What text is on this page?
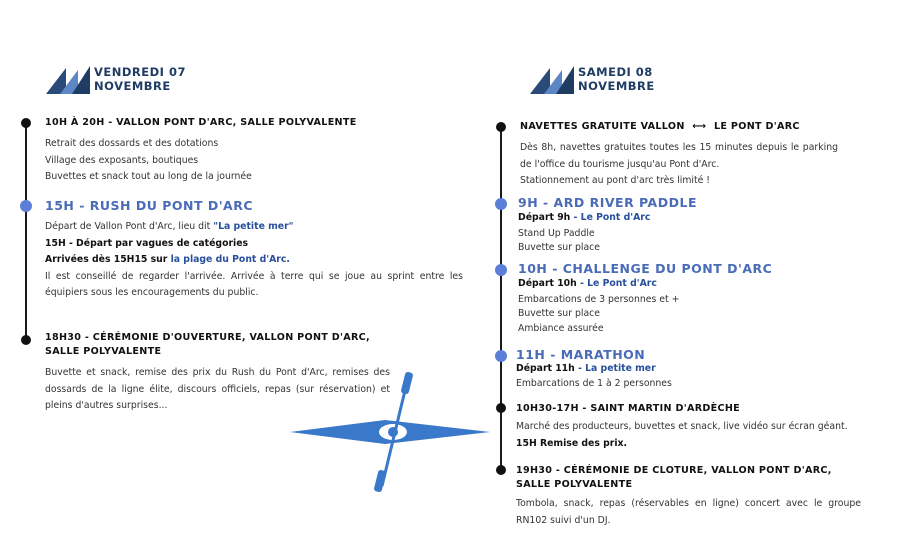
VENDREDI 07
NOVEMBRE
10H À 20H - VALLON PONT D'ARC, SALLE POLYVALENTE
Retrait des dossards et des dotations
Village des exposants, boutiques
Buvettes et snack tout au long de la journée
15H - RUSH DU PONT D'ARC
Départ de Vallon Pont d'Arc, lieu dit "La petite mer"
15H - Départ par vagues de catégories
Arrivées dès 15H15 sur la plage du Pont d'Arc.
Il est conseillé de regarder l'arrivée. Arrivée à terre qui se joue au sprint entre les équipiers sous les encouragements du public.
18H30 - CÉRÉMONIE D'OUVERTURE, VALLON PONT D'ARC, SALLE POLYVALENTE
Buvette et snack, remise des prix du Rush du Pont d'Arc, remises des dossards de la ligne élite, discours officiels, repas (sur réservation) et pleins d'autres surprises...
SAMEDI 08
NOVEMBRE
NAVETTES GRATUITE VALLON ⟷ LE PONT D'ARC
Dès 8h, navettes gratuites toutes les 15 minutes depuis le parking de l'office du tourisme jusqu'au Pont d'Arc.
Stationnement au pont d'arc très limité !
9H - ARD RIVER PADDLE
Départ 9h - Le Pont d'Arc
Stand Up Paddle
Buvette sur place
10H - CHALLENGE DU PONT D'ARC
Départ 10h - Le Pont d'Arc
Embarcations de 3 personnes et +
Buvette sur place
Ambiance assurée
11H - MARATHON
Départ 11h - La petite mer
Embarcations de 1 à 2 personnes
10H30-17H - SAINT MARTIN D'ARDÈCHE
Marché des producteurs, buvettes et snack, live vidéo sur écran géant.
15H Remise des prix.
19H30 - CÉRÉMONIE DE CLOTURE, VALLON PONT D'ARC, SALLE POLYVALENTE
Tombola, snack, repas (réservables en ligne) concert avec le groupe RN102 suivi d'un DJ.
